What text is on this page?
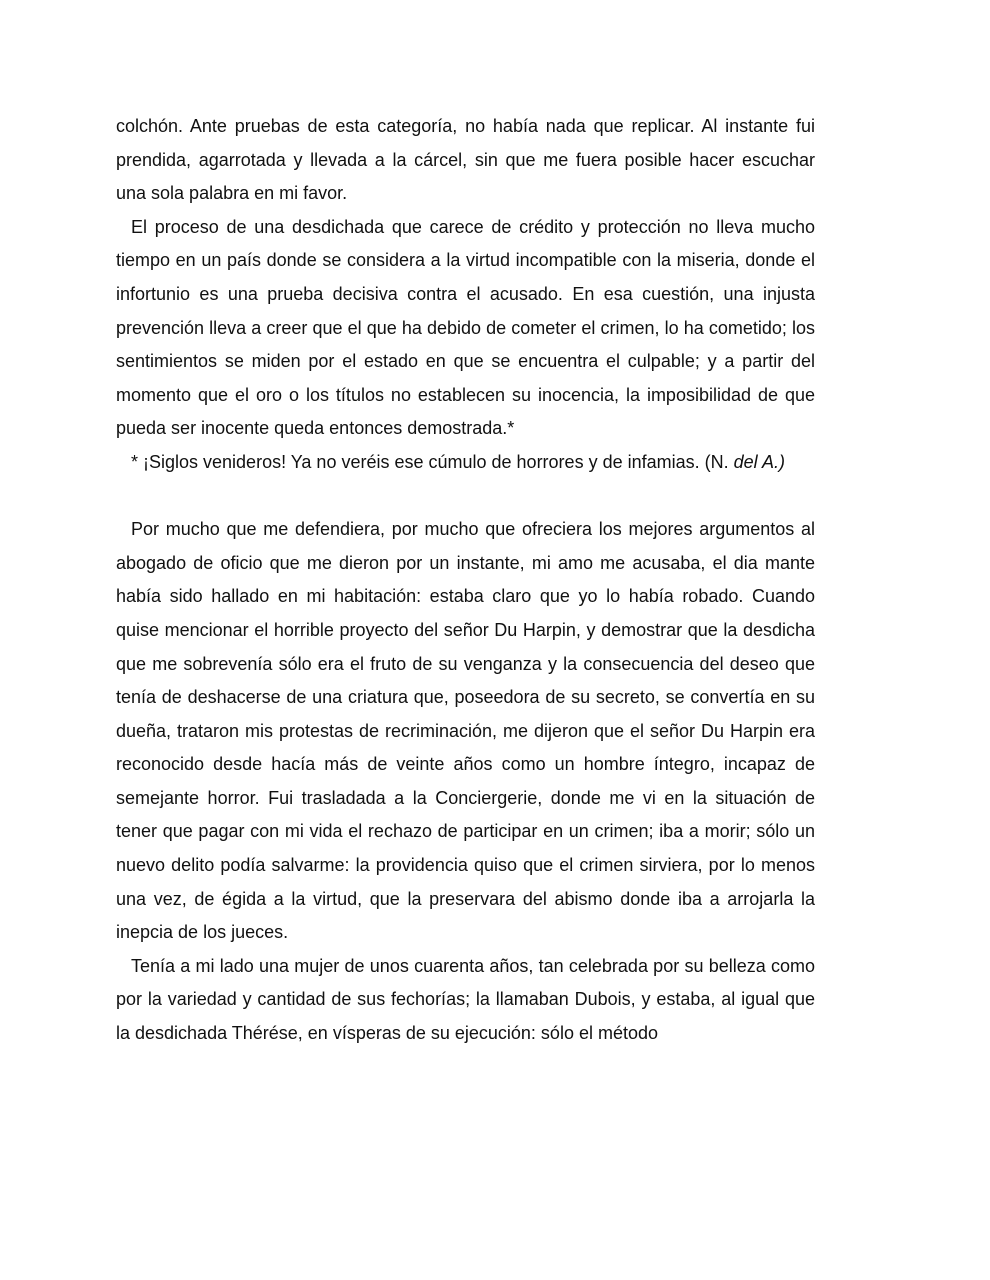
colchón. Ante pruebas de esta categoría, no había nada que replicar. Al instante fui prendida, agarrotada y llevada a la cárcel, sin que me fuera posible hacer escuchar una sola palabra en mi favor.

El proceso de una desdichada que carece de crédito y protección no lleva mucho tiempo en un país donde se considera a la virtud incompatible con la miseria, donde el infortunio es una prueba decisiva contra el acusado. En esa cuestión, una injusta prevención lleva a creer que el que ha debido de cometer el crimen, lo ha cometido; los sentimientos se miden por el estado en que se encuentra el culpable; y a partir del momento que el oro o los títulos no establecen su inocencia, la imposibilidad de que pueda ser inocente queda entonces demostrada.*

* ¡Siglos venideros! Ya no veréis ese cúmulo de horrores y de infamias. (N. del A.)

Por mucho que me defendiera, por mucho que ofreciera los mejores argumentos al abogado de oficio que me dieron por un instante, mi amo me acusaba, el dia mante había sido hallado en mi habitación: estaba claro que yo lo había robado. Cuando quise mencionar el horrible proyecto del señor Du Harpin, y demostrar que la desdicha que me sobrevenía sólo era el fruto de su venganza y la consecuencia del deseo que tenía de deshacerse de una criatura que, poseedora de su secreto, se convertía en su dueña, trataron mis protestas de recriminación, me dijeron que el señor Du Harpin era reconocido desde hacía más de veinte años como un hombre íntegro, incapaz de semejante horror. Fui trasladada a la Conciergerie, donde me vi en la situación de tener que pagar con mi vida el rechazo de participar en un crimen; iba a morir; sólo un nuevo delito podía salvarme: la providencia quiso que el crimen sirviera, por lo menos una vez, de égida a la virtud, que la preservara del abismo donde iba a arrojarla la inepcia de los jueces.

Tenía a mi lado una mujer de unos cuarenta años, tan celebrada por su belleza como por la variedad y cantidad de sus fechorías; la llamaban Dubois, y estaba, al igual que la desdichada Thérése, en vísperas de su ejecución: sólo el método
